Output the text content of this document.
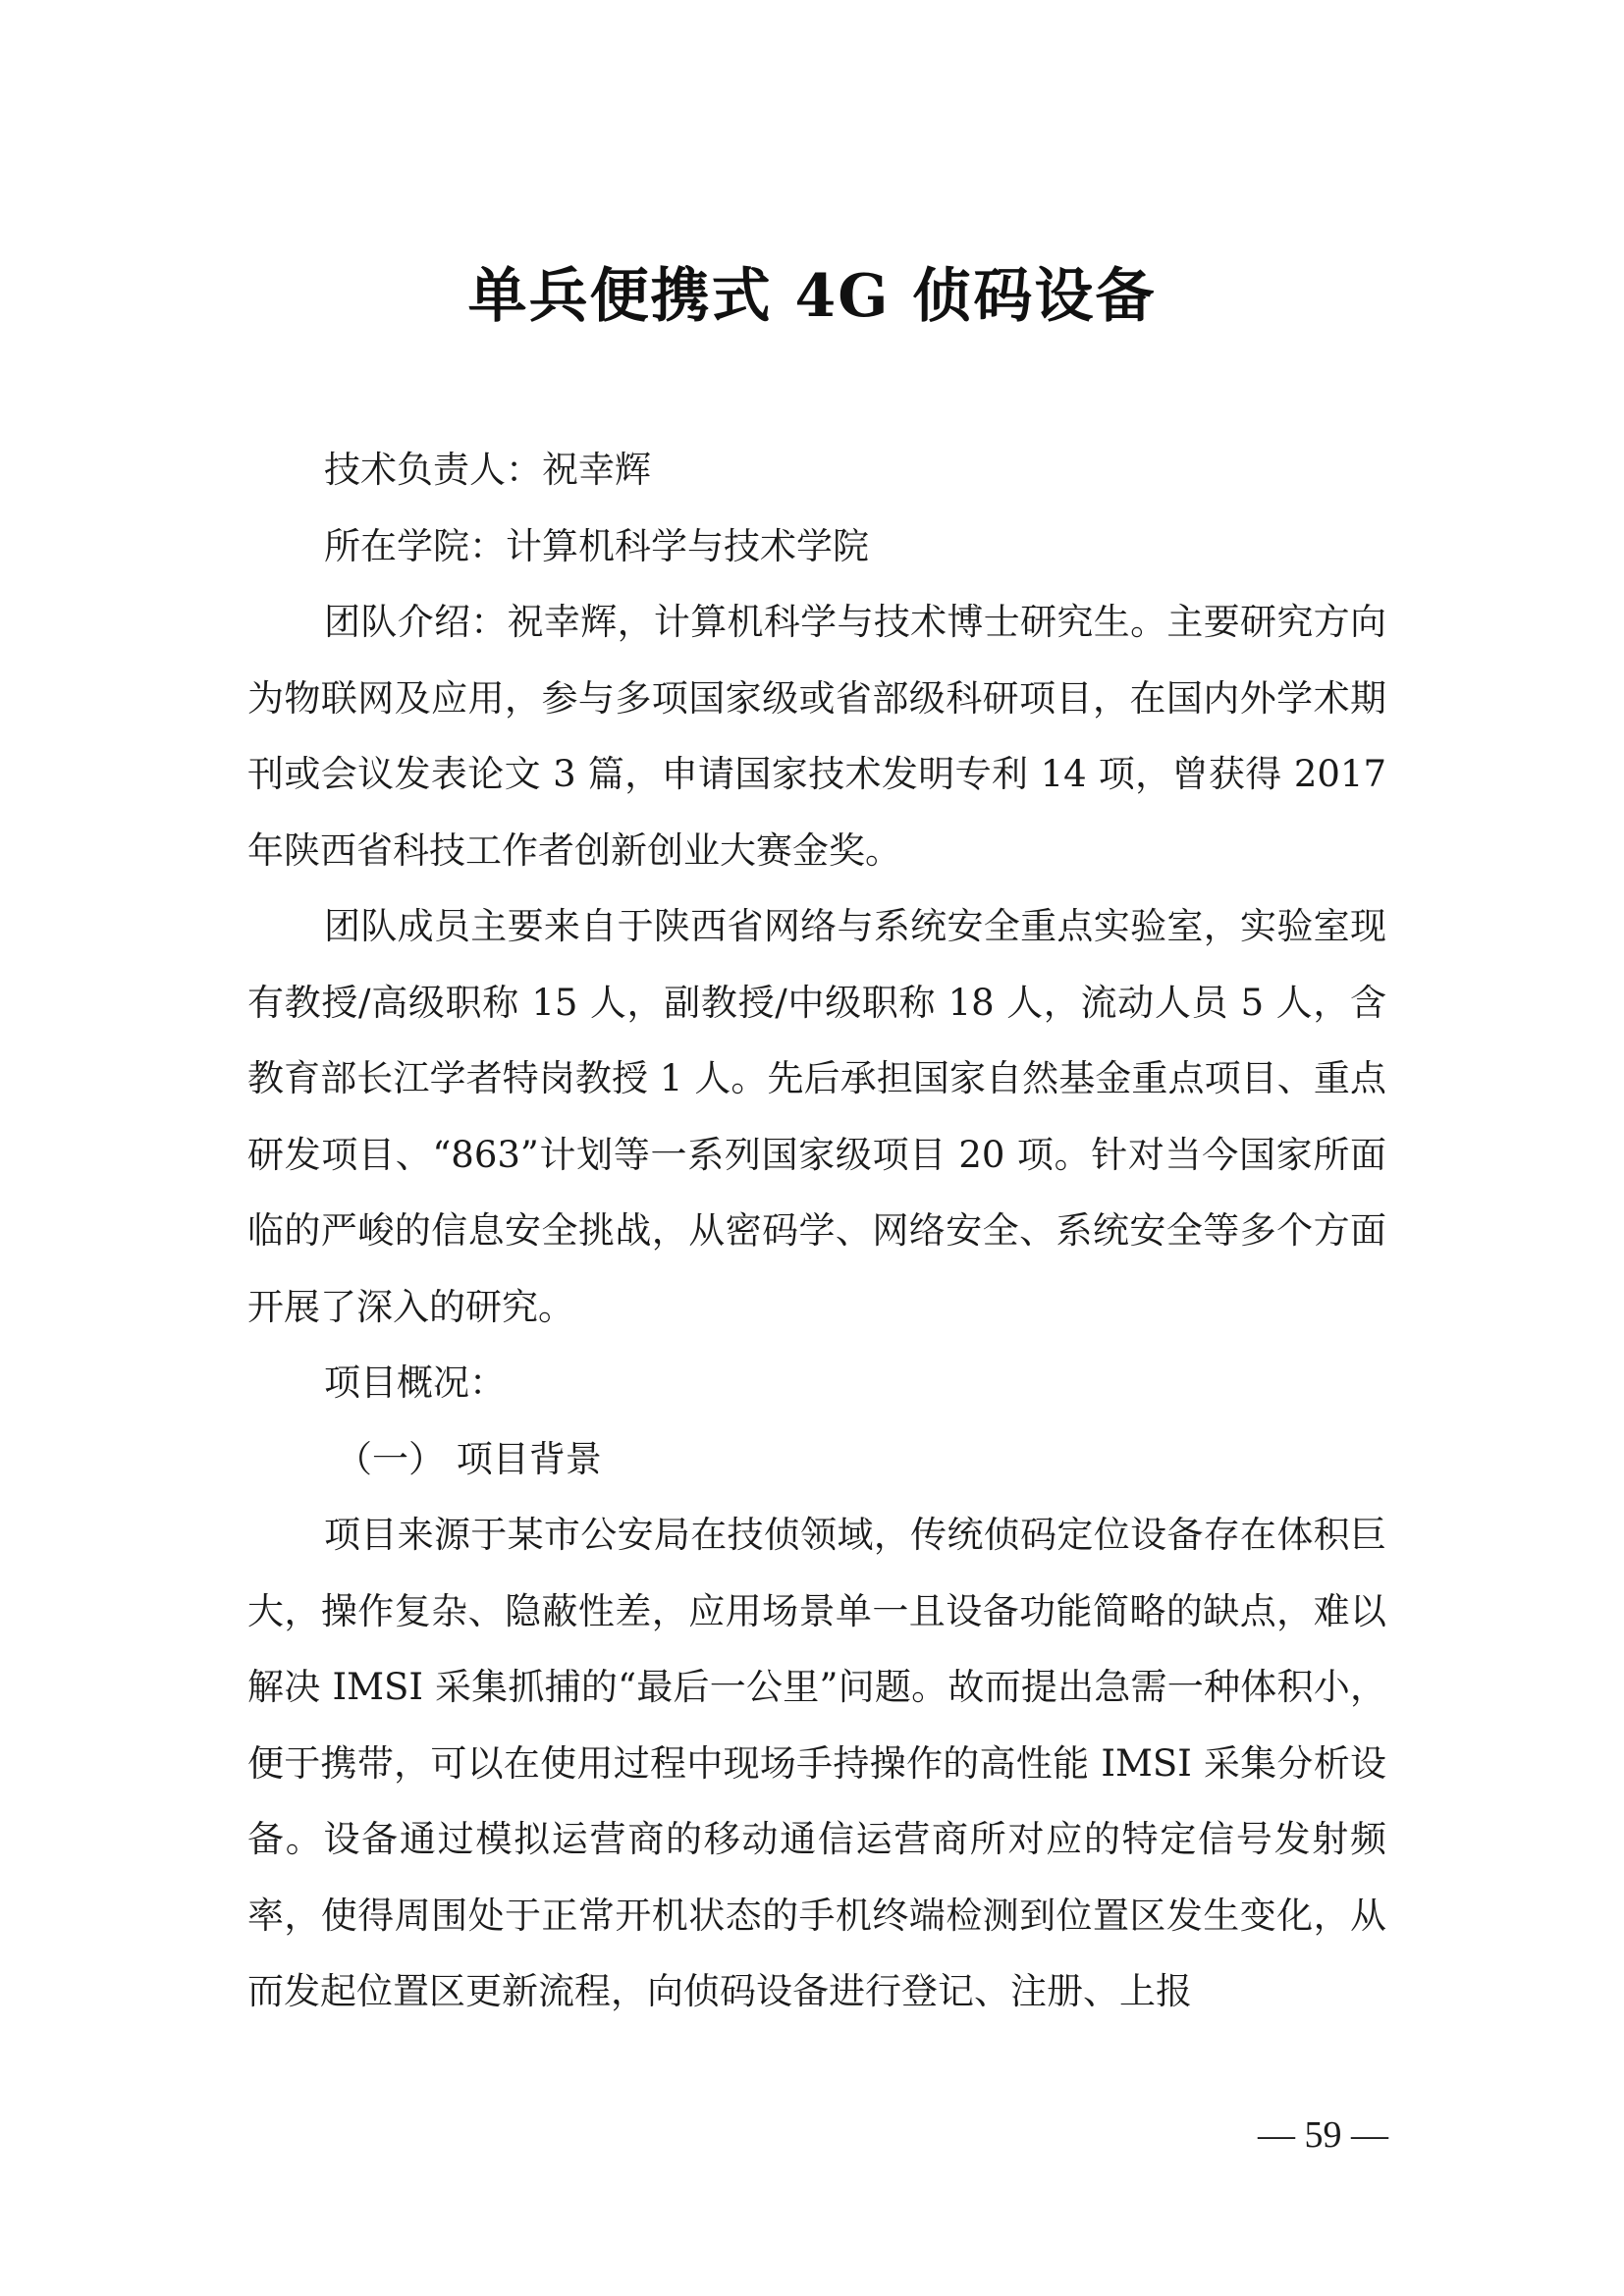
单兵便携式 4G 侦码设备

技术负责人：祝幸辉

所在学院：计算机科学与技术学院

团队介绍：祝幸辉，计算机科学与技术博士研究生。主要研究方向为物联网及应用，参与多项国家级或省部级科研项目，在国内外学术期刊或会议发表论文 3 篇，申请国家技术发明专利 14 项，曾获得 2017 年陕西省科技工作者创新创业大赛金奖。

团队成员主要来自于陕西省网络与系统安全重点实验室，实验室现有教授/高级职称 15 人，副教授/中级职称 18 人，流动人员 5 人，含教育部长江学者特岗教授 1 人。先后承担国家自然基金重点项目、重点研发项目、“863”计划等一系列国家级项目 20 项。针对当今国家所面临的严峻的信息安全挑战，从密码学、网络安全、系统安全等多个方面开展了深入的研究。

项目概况：

（一） 项目背景

项目来源于某市公安局在技侦领域，传统侦码定位设备存在体积巨大，操作复杂、隐蔽性差，应用场景单一且设备功能简略的缺点，难以解决 IMSI 采集抓捕的“最后一公里”问题。故而提出急需一种体积小，便于携带，可以在使用过程中现场手持操作的高性能 IMSI 采集分析设备。设备通过模拟运营商的移动通信运营商所对应的特定信号发射频率，使得周围处于正常开机状态的手机终端检测到位置区发生变化，从而发起位置区更新流程，向侦码设备进行登记、注册、上报

— 59 —
